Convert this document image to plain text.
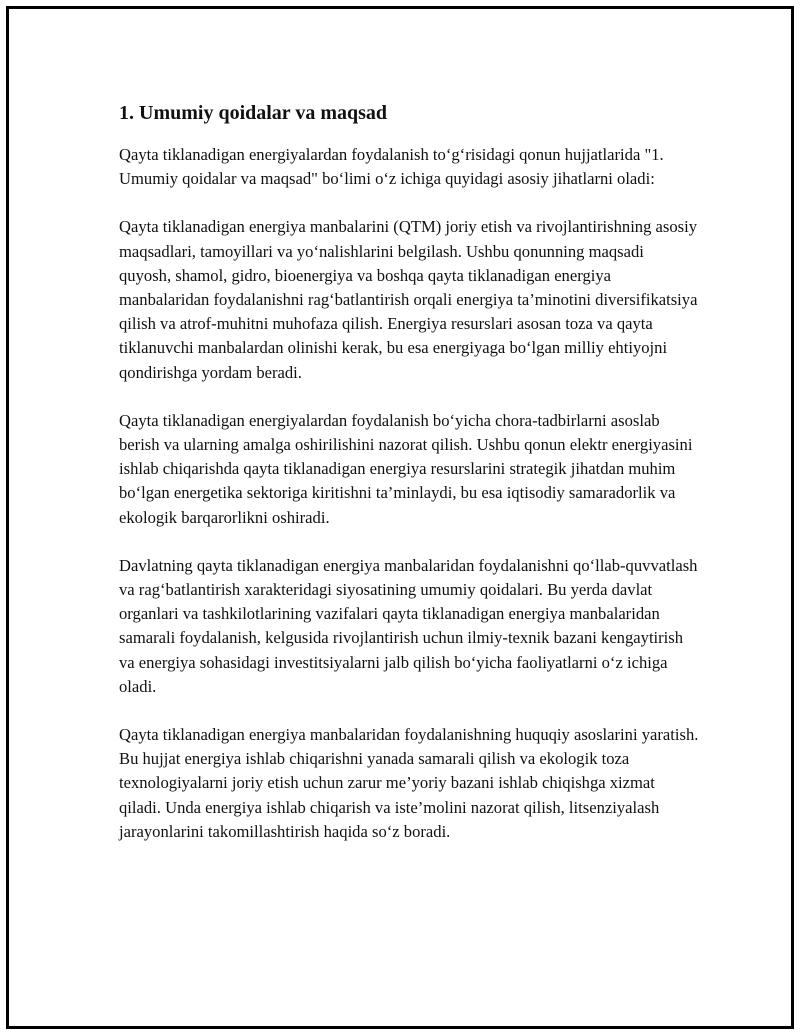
1. Umumiy qoidalar va maqsad

Qayta tiklanadigan energiyalardan foydalanish to‘g‘risidagi qonun hujjatlarida "1. Umumiy qoidalar va maqsad" bo‘limi o‘z ichiga quyidagi asosiy jihatlarni oladi:

Qayta tiklanadigan energiya manbalarini (QTM) joriy etish va rivojlantirishning asosiy maqsadlari, tamoyillari va yo‘nalishlarini belgilash. Ushbu qonunning maqsadi quyosh, shamol, gidro, bioenergiya va boshqa qayta tiklanadigan energiya manbalaridan foydalanishni rag‘batlantirish orqali energiya ta’minotini diversifikatsiya qilish va atrof-muhitni muhofaza qilish. Energiya resurslari asosan toza va qayta tiklanuvchi manbalardan olinishi kerak, bu esa energiyaga bo‘lgan milliy ehtiyojni qondirishga yordam beradi.

Qayta tiklanadigan energiyalardan foydalanish bo‘yicha chora-tadbirlarni asoslab berish va ularning amalga oshirilishini nazorat qilish. Ushbu qonun elektr energiyasini ishlab chiqarishda qayta tiklanadigan energiya resurslarini strategik jihatdan muhim bo‘lgan energetika sektoriga kiritishni ta’minlaydi, bu esa iqtisodiy samaradorlik va ekologik barqarorlikni oshiradi.

Davlatning qayta tiklanadigan energiya manbalaridan foydalanishni qo‘llab-quvvatlash va rag‘batlantirish xarakteridagi siyosatining umumiy qoidalari. Bu yerda davlat organlari va tashkilotlarining vazifalari qayta tiklanadigan energiya manbalaridan samarali foydalanish, kelgusida rivojlantirish uchun ilmiy-texnik bazani kengaytirish va energiya sohasidagi investitsiyalarni jalb qilish bo‘yicha faoliyatlarni o‘z ichiga oladi.

Qayta tiklanadigan energiya manbalaridan foydalanishning huquqiy asoslarini yaratish. Bu hujjat energiya ishlab chiqarishni yanada samarali qilish va ekologik toza texnologiyalarni joriy etish uchun zarur me’yoriy bazani ishlab chiqishga xizmat qiladi. Unda energiya ishlab chiqarish va iste’molini nazorat qilish, litsenziyalash jarayonlarini takomillashtirish haqida so‘z boradi.
